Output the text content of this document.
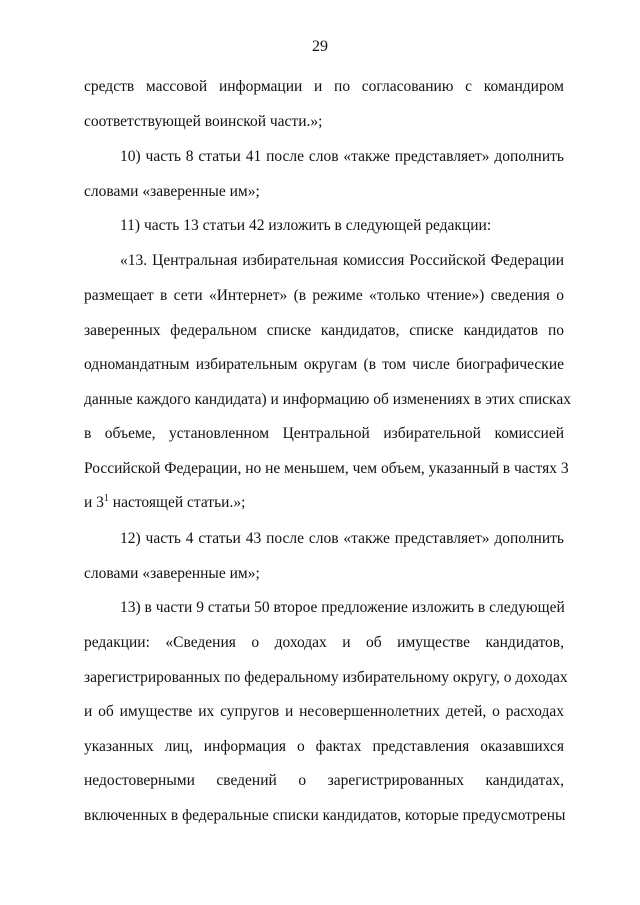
29
средств массовой информации и по согласованию с командиром
соответствующей воинской части.»;
10) часть 8 статьи 41 после слов «также представляет» дополнить
словами «заверенные им»;
11) часть 13 статьи 42 изложить в следующей редакции:
«13. Центральная избирательная комиссия Российской Федерации
размещает в сети «Интернет» (в режиме «только чтение») сведения о
заверенных федеральном списке кандидатов, списке кандидатов по
одномандатным избирательным округам (в том числе биографические
данные каждого кандидата) и информацию об изменениях в этих списках
в объеме, установленном Центральной избирательной комиссией
Российской Федерации, но не меньшем, чем объем, указанный в частях 3
и $3^1$ настоящей статьи.»;
12) часть 4 статьи 43 после слов «также представляет» дополнить
словами «заверенные им»;
13) в части 9 статьи 50 второе предложение изложить в следующей
редакции: «Сведения о доходах и об имуществе кандидатов,
зарегистрированных по федеральному избирательному округу, о доходах
и об имуществе их супругов и несовершеннолетних детей, о расходах
указанных лиц, информация о фактах представления оказавшихся
недостоверными сведений о зарегистрированных кандидатах,
включенных в федеральные списки кандидатов, которые предусмотрены
